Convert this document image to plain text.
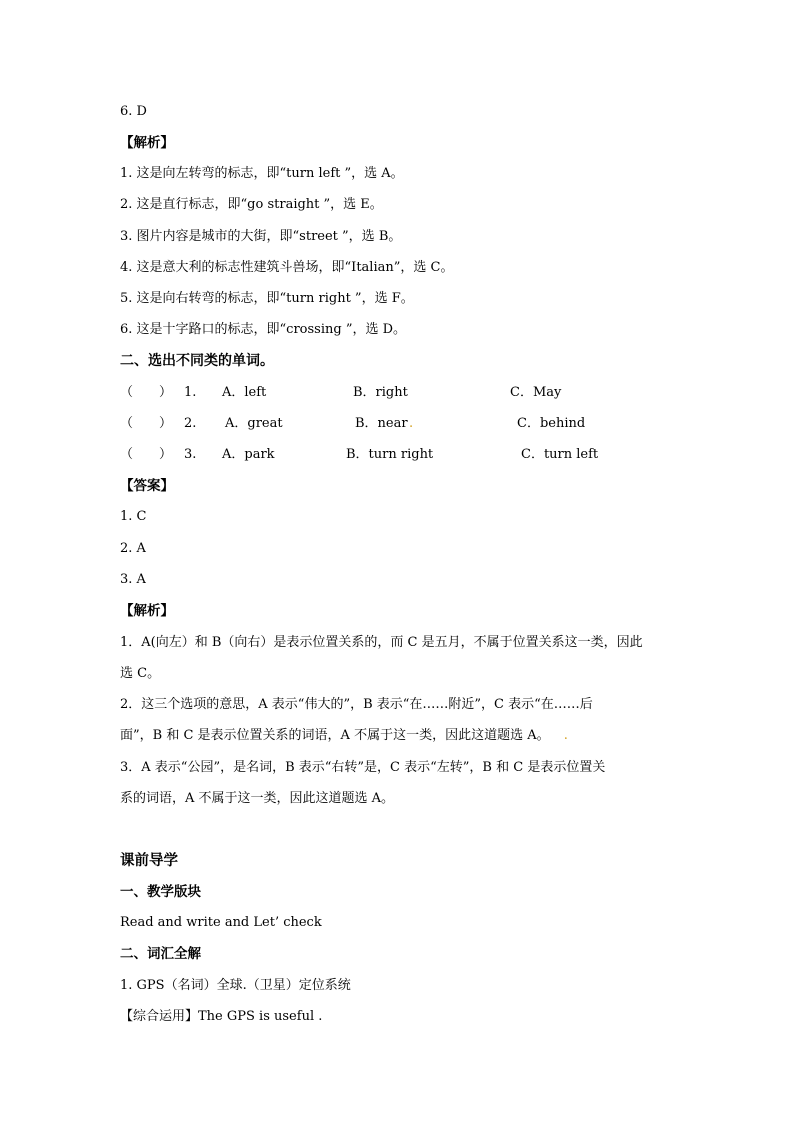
6. D
【解析】
1. 这是向左转弯的标志，即“turn left ”，选 A。
2. 这是直行标志，即“go straight ”，选 E。
3. 图片内容是城市的大街，即“street ”，选 B。
4. 这是意大利的标志性建筑斗兽场，即“Italian”，选 C。
5. 这是向右转弯的标志，即“turn right ”，选 F。
6. 这是十字路口的标志，即“crossing ”，选 D。
二、选出不同类的单词。
（　　） 1. A．left	B．right	C．May
（　　） 2. A．great	B．near .	C．behind
（　　） 3. A．park	B．turn right	C．turn left
【答案】
1. C
2. A
3. A
【解析】
1．A(向左）和 B（向右）是表示位置关系的，而 C 是五月，不属于位置关系这一类，因此
选 C。
2．这三个选项的意思，A 表示“伟大的”，B 表示“在……附近”，C 表示“在……后
面”，B 和 C 是表示位置关系的词语，A 不属于这一类，因此这道题选 A。 .
3．A 表示“公园”，是名词，B 表示“右转”是，C 表示“左转”，B 和 C 是表示位置关
系的词语，A 不属于这一类，因此这道题选 A。
课前导学
一、教学版块
Read and write and Let’ check
二、词汇全解
1. GPS（名词）全球.（卫星）定位系统
【综合运用】The GPS is useful .
